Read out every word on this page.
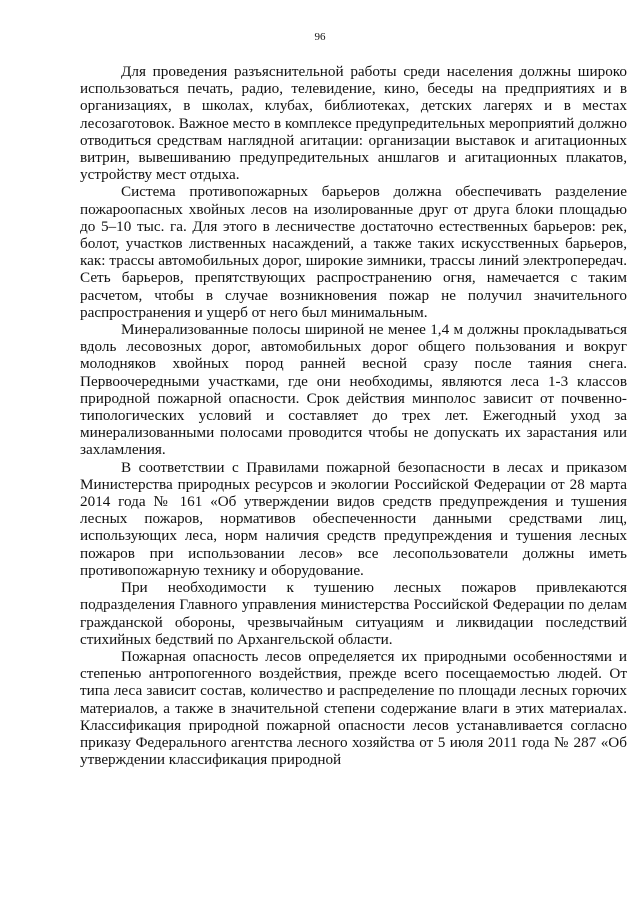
96

Для проведения разъяснительной работы среди населения должны широко использоваться печать, радио, телевидение, кино, беседы на предприятиях и в организациях, в школах, клубах, библиотеках, детских лагерях и в местах лесозаготовок. Важное место в комплексе предупредительных мероприятий должно отводиться средствам наглядной агитации: организации выставок и агитационных витрин, вывешиванию предупредительных аншлагов и агитационных плакатов, устройству мест отдыха.

Система противопожарных барьеров должна обеспечивать разделение пожароопасных хвойных лесов на изолированные друг от друга блоки площадью до 5–10 тыс. га. Для этого в лесничестве достаточно естественных барьеров: рек, болот, участков лиственных насаждений, а также таких искусственных барьеров, как: трассы автомобильных дорог, широкие зимники, трассы линий электропередач. Сеть барьеров, препятствующих распространению огня, намечается с таким расчетом, чтобы в случае возникновения пожар не получил значительного распространения и ущерб от него был минимальным.

Минерализованные полосы шириной не менее 1,4 м должны прокладываться вдоль лесовозных дорог, автомобильных дорог общего пользования и вокруг молодняков хвойных пород ранней весной сразу после таяния снега. Первоочередными участками, где они необходимы, являются леса 1-3 классов природной пожарной опасности. Срок действия минполос зависит от почвенно-типологических условий и составляет до трех лет. Ежегодный уход за минерализованными полосами проводится чтобы не допускать их зарастания или захламления.

В соответствии с Правилами пожарной безопасности в лесах и приказом Министерства природных ресурсов и экологии Российской Федерации от 28 марта 2014 года № 161 «Об утверждении видов средств предупреждения и тушения лесных пожаров, нормативов обеспеченности данными средствами лиц, использующих леса, норм наличия средств предупреждения и тушения лесных пожаров при использовании лесов» все лесопользователи должны иметь противопожарную технику и оборудование.

При необходимости к тушению лесных пожаров привлекаются подразделения Главного управления министерства Российской Федерации по делам гражданской обороны, чрезвычайным ситуациям и ликвидации последствий стихийных бедствий по Архангельской области.

Пожарная опасность лесов определяется их природными особенностями и степенью антропогенного воздействия, прежде всего посещаемостью людей. От типа леса зависит состав, количество и распределение по площади лесных горючих материалов, а также в значительной степени содержание влаги в этих материалах. Классификация природной пожарной опасности лесов устанавливается согласно приказу Федерального агентства лесного хозяйства от 5 июля 2011 года № 287 «Об утверждении классификация природной
